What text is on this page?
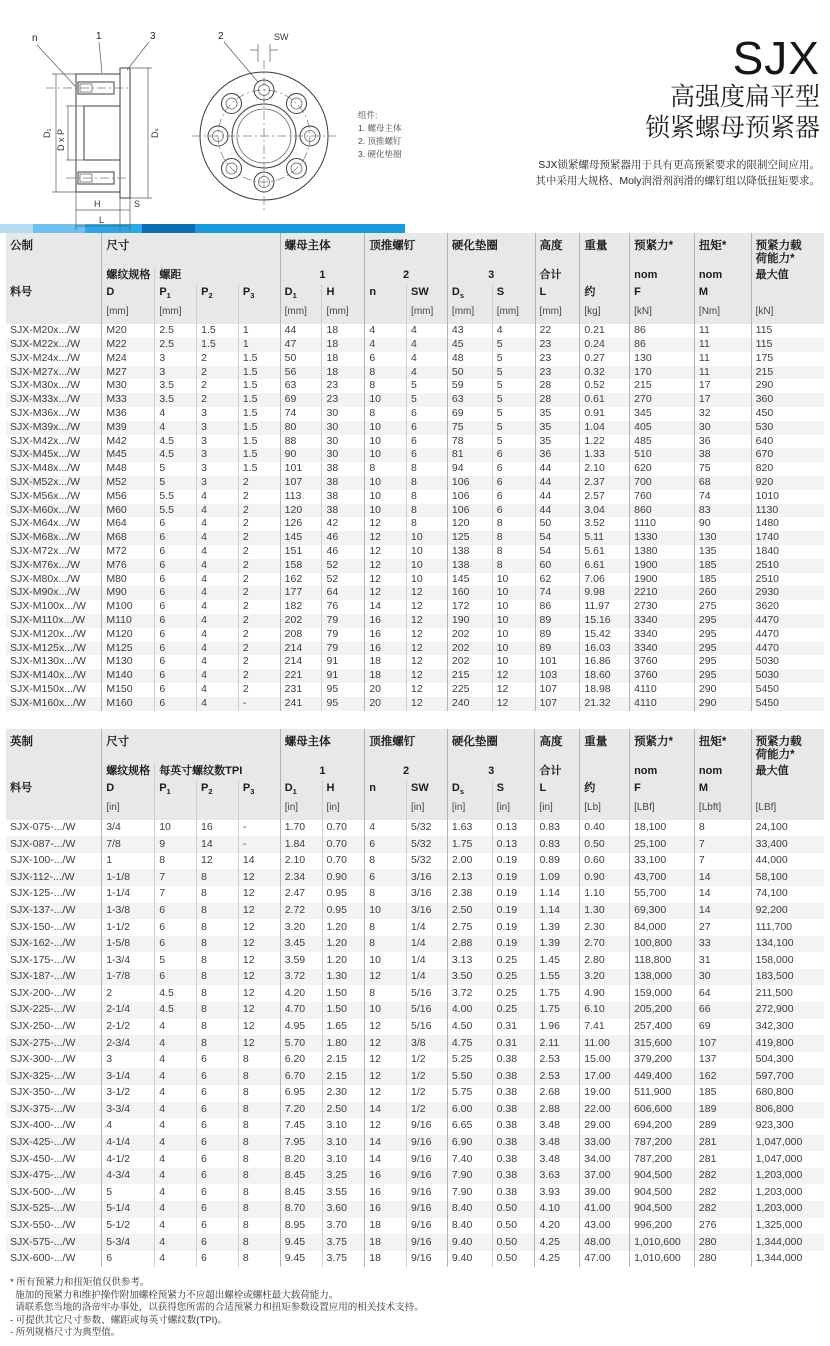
n	1	3
D₁ D x P	Dₛ
H	S
L
2	SW
组件:
1. 螺母主体
2. 顶推螺钉
3. 硬化垫圈
SJX
高强度扁平型
锁紧螺母预紧器
SJX锁紧螺母预紧器用于具有更高预紧要求的限制空间应用。
其中采用大规格、Moly润滑剂润滑的螺钉组以降低扭矩要求。
公制	尺寸				螺母主体		顶推螺钉		硬化垫圈		高度	重量	预紧力*	扭矩*	预紧力载
荷能力*
	螺纹规格	螺距			1		2		3		合计		nom	nom	最大值
料号	D	$P_1$	$P_2$	$P_3$	$D_1$	H	n	SW	$D_s$	S	L	约	F	M	
	[mm]	[mm]			[mm]	[mm]		[mm]	[mm]	[mm]	[mm]	[kg]	[kN]	[Nm]	[kN]
SJX-M20x.../W	M20	2.5	1.5	1	44	18	4	4	43	4	22	0.21	86	11	115
SJX-M22x.../W	M22	2.5	1.5	1	47	18	4	4	45	5	23	0.24	86	11	115
SJX-M24x.../W	M24	3	2	1.5	50	18	6	4	48	5	23	0.27	130	11	175
SJX-M27x.../W	M27	3	2	1.5	56	18	8	4	50	5	23	0.32	170	11	215
SJX-M30x.../W	M30	3.5	2	1.5	63	23	8	5	59	5	28	0.52	215	17	290
SJX-M33x.../W	M33	3.5	2	1.5	69	23	10	5	63	5	28	0.61	270	17	360
SJX-M36x.../W	M36	4	3	1.5	74	30	8	6	69	5	35	0.91	345	32	450
SJX-M39x.../W	M39	4	3	1.5	80	30	10	6	75	5	35	1.04	405	30	530
SJX-M42x.../W	M42	4.5	3	1.5	88	30	10	6	78	5	35	1.22	485	36	640
SJX-M45x.../W	M45	4.5	3	1.5	90	30	10	6	81	6	36	1.33	510	38	670
SJX-M48x.../W	M48	5	3	1.5	101	38	8	8	94	6	44	2.10	620	75	820
SJX-M52x.../W	M52	5	3	2	107	38	10	8	106	6	44	2.37	700	68	920
SJX-M56x.../W	M56	5.5	4	2	113	38	10	8	106	6	44	2.57	760	74	1010
SJX-M60x.../W	M60	5.5	4	2	120	38	10	8	106	6	44	3.04	860	83	1130
SJX-M64x.../W	M64	6	4	2	126	42	12	8	120	8	50	3.52	1110	90	1480
SJX-M68x.../W	M68	6	4	2	145	46	12	10	125	8	54	5.11	1330	130	1740
SJX-M72x.../W	M72	6	4	2	151	46	12	10	138	8	54	5.61	1380	135	1840
SJX-M76x.../W	M76	6	4	2	158	52	12	10	138	8	60	6.61	1900	185	2510
SJX-M80x.../W	M80	6	4	2	162	52	12	10	145	10	62	7.06	1900	185	2510
SJX-M90x.../W	M90	6	4	2	177	64	12	12	160	10	74	9.98	2210	260	2930
SJX-M100x.../W	M100	6	4	2	182	76	14	12	172	10	86	11.97	2730	275	3620
SJX-M110x.../W	M110	6	4	2	202	79	16	12	190	10	89	15.16	3340	295	4470
SJX-M120x.../W	M120	6	4	2	208	79	16	12	202	10	89	15.42	3340	295	4470
SJX-M125x.../W	M125	6	4	2	214	79	16	12	202	10	89	16.03	3340	295	4470
SJX-M130x.../W	M130	6	4	2	214	91	18	12	202	10	101	16.86	3760	295	5030
SJX-M140x.../W	M140	6	4	2	221	91	18	12	215	12	103	18.60	3760	295	5030
SJX-M150x.../W	M150	6	4	2	231	95	20	12	225	12	107	18.98	4110	290	5450
SJX-M160x.../W	M160	6	4	-	241	95	20	12	240	12	107	21.32	4110	290	5450
英制	尺寸				螺母主体		顶推螺钉		硬化垫圈		高度	重量	预紧力*	扭矩*	预紧力载
荷能力*
	螺纹规格	每英寸螺纹数TPI			1		2		3		合计		nom	nom	最大值
料号	D	$P_1$	$P_2$	$P_3$	$D_1$	H	n	SW	$D_s$	S	L	约	F	M	
	[in]				[in]	[in]		[in]	[in]	[in]	[in]	[Lb]	[LBf]	[Lbft]	[LBf]
SJX-075-.../W	3/4	10	16	-	1.70	0.70	4	5/32	1.63	0.13	0.83	0.40	18,100	8	24,100
SJX-087-.../W	7/8	9	14	-	1.84	0.70	6	5/32	1.75	0.13	0.83	0.50	25,100	7	33,400
SJX-100-.../W	1	8	12	14	2.10	0.70	8	5/32	2.00	0.19	0.89	0.60	33,100	7	44,000
SJX-112-.../W	1-1/8	7	8	12	2.34	0.90	6	3/16	2.13	0.19	1.09	0.90	43,700	14	58,100
SJX-125-.../W	1-1/4	7	8	12	2.47	0.95	8	3/16	2.38	0.19	1.14	1.10	55,700	14	74,100
SJX-137-.../W	1-3/8	6	8	12	2.72	0.95	10	3/16	2.50	0.19	1.14	1.30	69,300	14	92,200
SJX-150-.../W	1-1/2	6	8	12	3.20	1.20	8	1/4	2.75	0.19	1.39	2.30	84,000	27	111,700
SJX-162-.../W	1-5/8	6	8	12	3.45	1.20	8	1/4	2.88	0.19	1.39	2.70	100,800	33	134,100
SJX-175-.../W	1-3/4	5	8	12	3.59	1.20	10	1/4	3.13	0.25	1.45	2.80	118,800	31	158,000
SJX-187-.../W	1-7/8	6	8	12	3.72	1.30	12	1/4	3.50	0.25	1.55	3.20	138,000	30	183,500
SJX-200-.../W	2	4.5	8	12	4.20	1.50	8	5/16	3.72	0.25	1.75	4.90	159,000	64	211,500
SJX-225-.../W	2-1/4	4.5	8	12	4.70	1.50	10	5/16	4.00	0.25	1.75	6.10	205,200	66	272,900
SJX-250-.../W	2-1/2	4	8	12	4.95	1.65	12	5/16	4.50	0.31	1.96	7.41	257,400	69	342,300
SJX-275-.../W	2-3/4	4	8	12	5.70	1.80	12	3/8	4.75	0.31	2.11	11.00	315,600	107	419,800
SJX-300-.../W	3	4	6	8	6.20	2.15	12	1/2	5.25	0.38	2.53	15.00	379,200	137	504,300
SJX-325-.../W	3-1/4	4	6	8	6.70	2.15	12	1/2	5.50	0.38	2.53	17.00	449,400	162	597,700
SJX-350-.../W	3-1/2	4	6	8	6.95	2.30	12	1/2	5.75	0.38	2.68	19.00	511,900	185	680,800
SJX-375-.../W	3-3/4	4	6	8	7.20	2.50	14	1/2	6.00	0.38	2.88	22.00	606,600	189	806,800
SJX-400-.../W	4	4	6	8	7.45	3.10	12	9/16	6.65	0.38	3.48	29.00	694,200	289	923,300
SJX-425-.../W	4-1/4	4	6	8	7.95	3.10	14	9/16	6.90	0.38	3.48	33.00	787,200	281	1,047,000
SJX-450-.../W	4-1/2	4	6	8	8.20	3.10	14	9/16	7.40	0.38	3.48	34.00	787,200	281	1,047,000
SJX-475-.../W	4-3/4	4	6	8	8.45	3.25	16	9/16	7.90	0.38	3.63	37.00	904,500	282	1,203,000
SJX-500-.../W	5	4	6	8	8.45	3.55	16	9/16	7.90	0.38	3.93	39.00	904,500	282	1,203,000
SJX-525-.../W	5-1/4	4	6	8	8.70	3.60	16	9/16	8.40	0.50	4.10	41.00	904,500	282	1,203,000
SJX-550-.../W	5-1/2	4	6	8	8.95	3.70	18	9/16	8.40	0.50	4.20	43.00	996,200	276	1,325,000
SJX-575-.../W	5-3/4	4	6	8	9.45	3.75	18	9/16	9.40	0.50	4.25	48.00	1,010,600	280	1,344,000
SJX-600-.../W	6	4	6	8	9.45	3.75	18	9/16	9.40	0.50	4.25	47.00	1,010,600	280	1,344,000
* 所有预紧力和扭矩值仅供参考。
施加的预紧力和维护操作附加螺栓预紧力不应超出螺栓或螺柱最大载荷能力。
请联系您当地的洛帝牢办事处，以获得您所需的合适预紧力和扭矩参数设置应用的相关技术支持。
- 可提供其它尺寸参数、螺距或每英寸螺纹数(TPI)。
- 所列规格尺寸为典型值。
